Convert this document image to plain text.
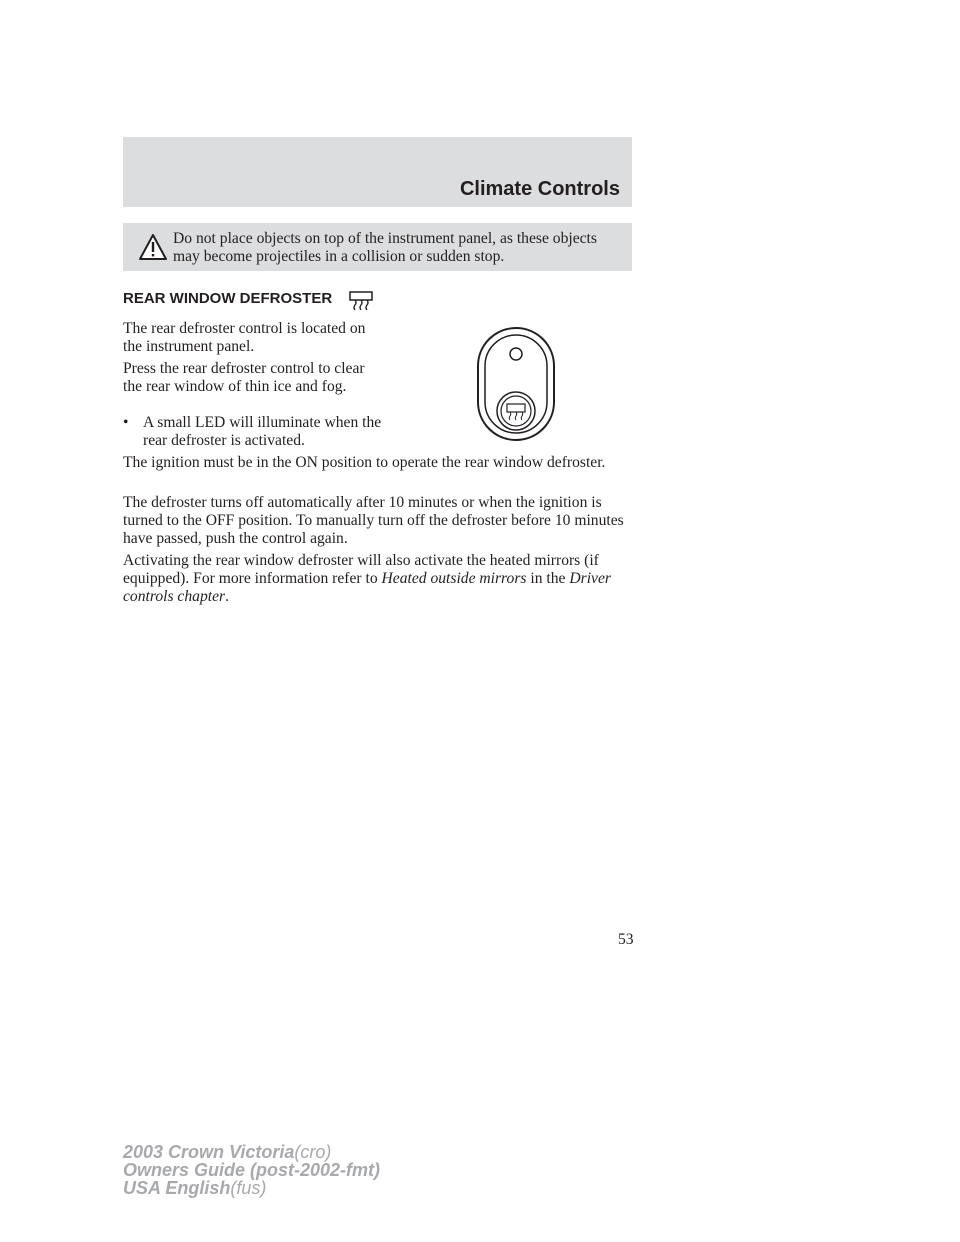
Climate Controls
Do not place objects on top of the instrument panel, as these objects may become projectiles in a collision or sudden stop.
REAR WINDOW DEFROSTER

The rear defroster control is located on the instrument panel.

Press the rear defroster control to clear the rear window of thin ice and fog.

• A small LED will illuminate when the rear defroster is activated.

The ignition must be in the ON position to operate the rear window defroster.

The defroster turns off automatically after 10 minutes or when the ignition is turned to the OFF position. To manually turn off the defroster before 10 minutes have passed, push the control again.

Activating the rear window defroster will also activate the heated mirrors (if equipped). For more information refer to Heated outside mirrors in the Driver controls chapter.

53
2003 Crown Victoria(cro)
Owners Guide (post-2002-fmt)
USA English(fus)
